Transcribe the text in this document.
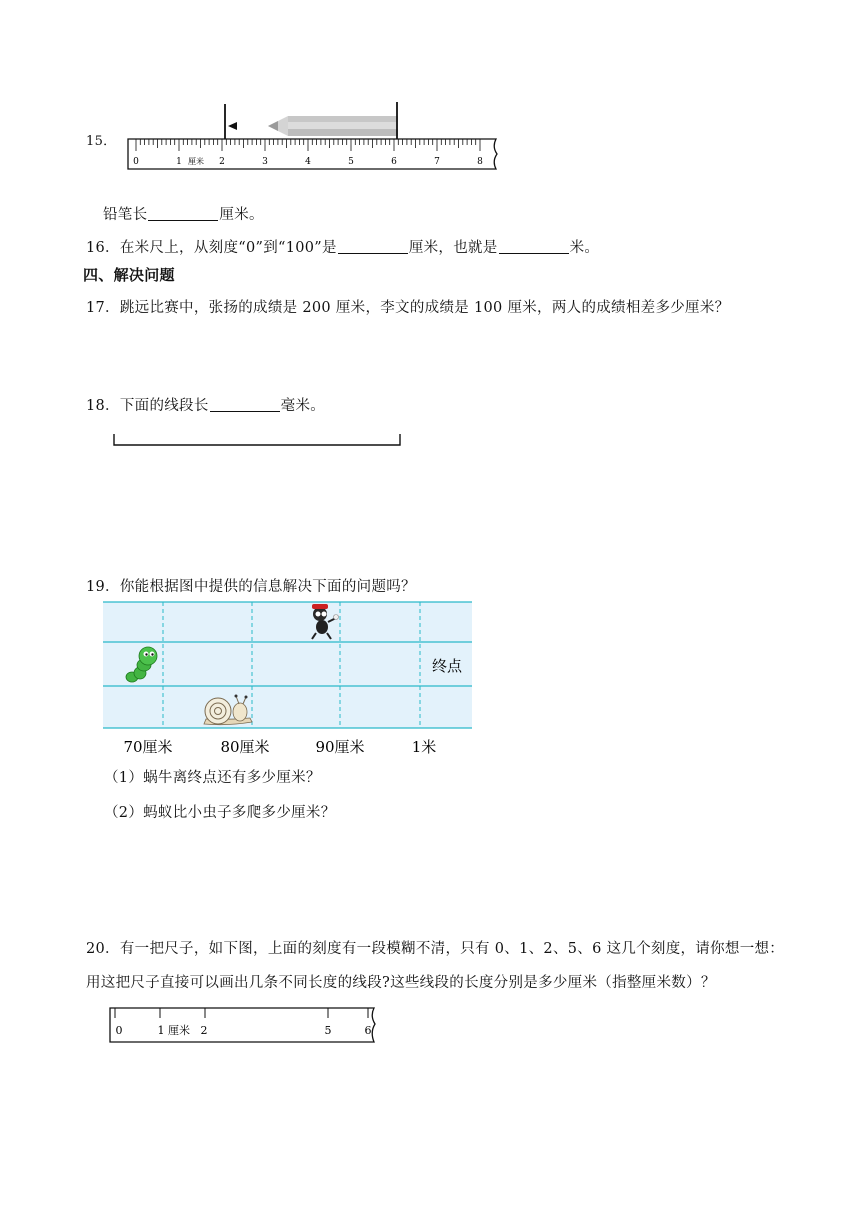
15．
0	1 厘米 2	3	4	5	6	7	8
铅笔长	厘米。
16．在米尺上，从刻度“0”到“100”是	厘米，也就是	米。
四、解决问题
17．跳远比赛中，张扬的成绩是 200 厘米，李文的成绩是 100 厘米，两人的成绩相差多少厘米？
18．下面的线段长	毫米。
19．你能根据图中提供的信息解决下面的问题吗？
终点
70厘米	80厘米	90厘米	1米
（1）蜗牛离终点还有多少厘米？
（2）蚂蚁比小虫子多爬多少厘米？
20．有一把尺子，如下图，上面的刻度有一段模糊不清，只有 0、1、2、5、6 这几个刻度，请你想一想：
用这把尺子直接可以画出几条不同长度的线段?这些线段的长度分别是多少厘米（指整厘米数）？
0	1 厘米 2	5	6
